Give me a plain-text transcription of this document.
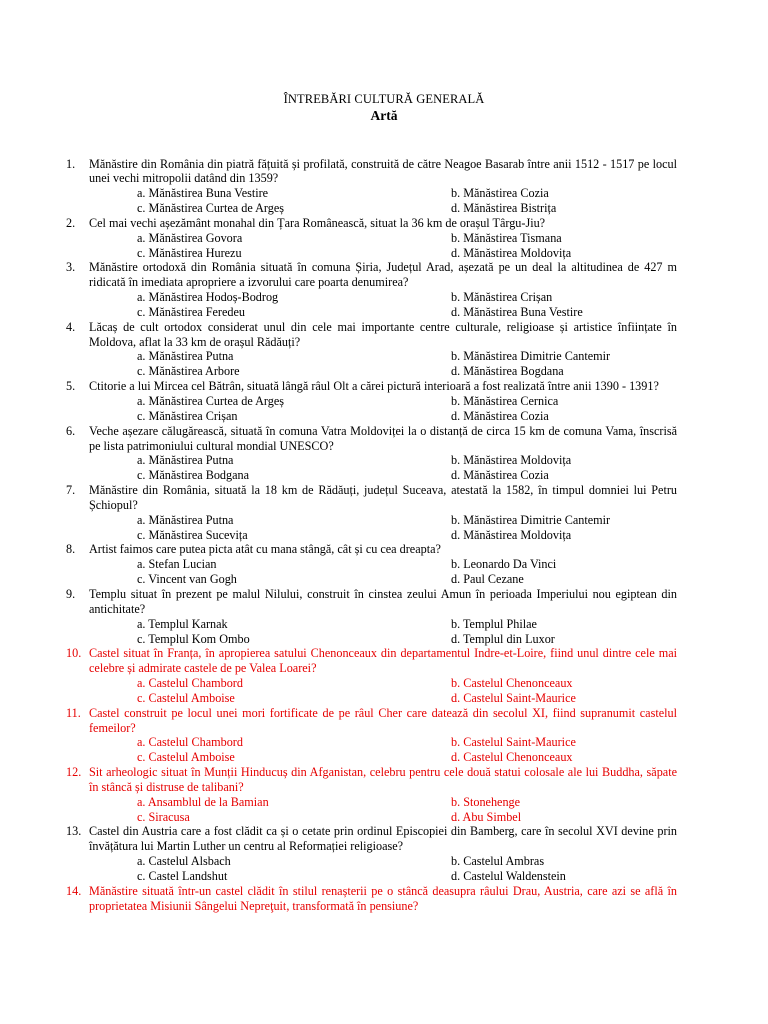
ÎNTREBĂRI CULTURĂ GENERALĂ
Artă
1. Mănăstire din România din piatră fățuită și profilată, construită de către Neagoe Basarab între anii 1512 - 1517 pe locul unei vechi mitropolii datând din 1359?
a. Mănăstirea Buna Vestire	b. Mănăstirea Cozia
c. Mănăstirea Curtea de Argeș	d. Mănăstirea Bistrița
2. Cel mai vechi așezământ monahal din Țara Românească, situat la 36 km de orașul Târgu-Jiu?
a. Mănăstirea Govora	b. Mănăstirea Tismana
c. Mănăstirea Hurezu	d. Mănăstirea Moldovița
3. Mănăstire ortodoxă din România situată în comuna Șiria, Județul Arad, așezată pe un deal la altitudinea de 427 m ridicată în imediata apropriere a izvorului care poarta denumirea?
a. Mănăstirea Hodoș-Bodrog	b. Mănăstirea Crișan
c. Mănăstirea Feredeu	d. Mănăstirea Buna Vestire
4. Lăcaș de cult ortodox considerat unul din cele mai importante centre culturale, religioase și artistice înființate în Moldova, aflat la 33 km de orașul Rădăuți?
a. Mănăstirea Putna	b. Mănăstirea Dimitrie Cantemir
c. Mănăstirea Arbore	d. Mănăstirea Bogdana
5. Ctitorie a lui Mircea cel Bătrân, situată lângă râul Olt a cărei pictură interioară a fost realizată între anii 1390 - 1391?
a. Mănăstirea Curtea de Argeș	b. Mănăstirea Cernica
c. Mănăstirea Crișan	d. Mănăstirea Cozia
6. Veche așezare călugărească, situată în comuna Vatra Moldoviței la o distanță de circa 15 km de comuna Vama, înscrisă pe lista patrimoniului cultural mondial UNESCO?
a. Mănăstirea Putna	b. Mănăstirea Moldovița
c. Mănăstirea Bodgana	d. Mănăstirea Cozia
7. Mănăstire din România, situată la 18 km de Rădăuți, județul Suceava, atestată la 1582, în timpul domniei lui Petru Șchiopul?
a. Mănăstirea Putna	b. Mănăstirea Dimitrie Cantemir
c. Mănăstirea Sucevița	d. Mănăstirea Moldovița
8. Artist faimos care putea picta atât cu mana stângă, cât și cu cea dreapta?
a. Stefan Lucian	b. Leonardo Da Vinci
c. Vincent van Gogh	d. Paul Cezane
9. Templu situat în prezent pe malul Nilului, construit în cinstea zeului Amun în perioada Imperiului nou egiptean din antichitate?
a. Templul Karnak	b. Templul Philae
c. Templul Kom Ombo	d. Templul din Luxor
10. Castel situat în Franța, în apropierea satului Chenonceaux din departamentul Indre-et-Loire, fiind unul dintre cele mai celebre și admirate castele de pe Valea Loarei?
a. Castelul Chambord	b. Castelul Chenonceaux
c. Castelul Amboise	d. Castelul Saint-Maurice
11. Castel construit pe locul unei mori fortificate de pe râul Cher care datează din secolul XI, fiind supranumit castelul femeilor?
a. Castelul Chambord	b. Castelul Saint-Maurice
c. Castelul Amboise	d. Castelul Chenonceaux
12. Sit arheologic situat în Munții Hinducuș din Afganistan, celebru pentru cele două statui colosale ale lui Buddha, săpate în stâncă și distruse de talibani?
a. Ansamblul de la Bamian	b. Stonehenge
c. Siracusa	d. Abu Simbel
13. Castel din Austria care a fost clădit ca și o cetate prin ordinul Episcopiei din Bamberg, care în secolul XVI devine prin învățătura lui Martin Luther un centru al Reformației religioase?
a. Castelul Alsbach	b. Castelul Ambras
c. Castel Landshut	d. Castelul Waldenstein
14. Mănăstire situată într-un castel clădit în stilul renașterii pe o stâncă deasupra râului Drau, Austria, care azi se află în proprietatea Misiunii Sângelui Nepreţuit, transformată în pensiune?
